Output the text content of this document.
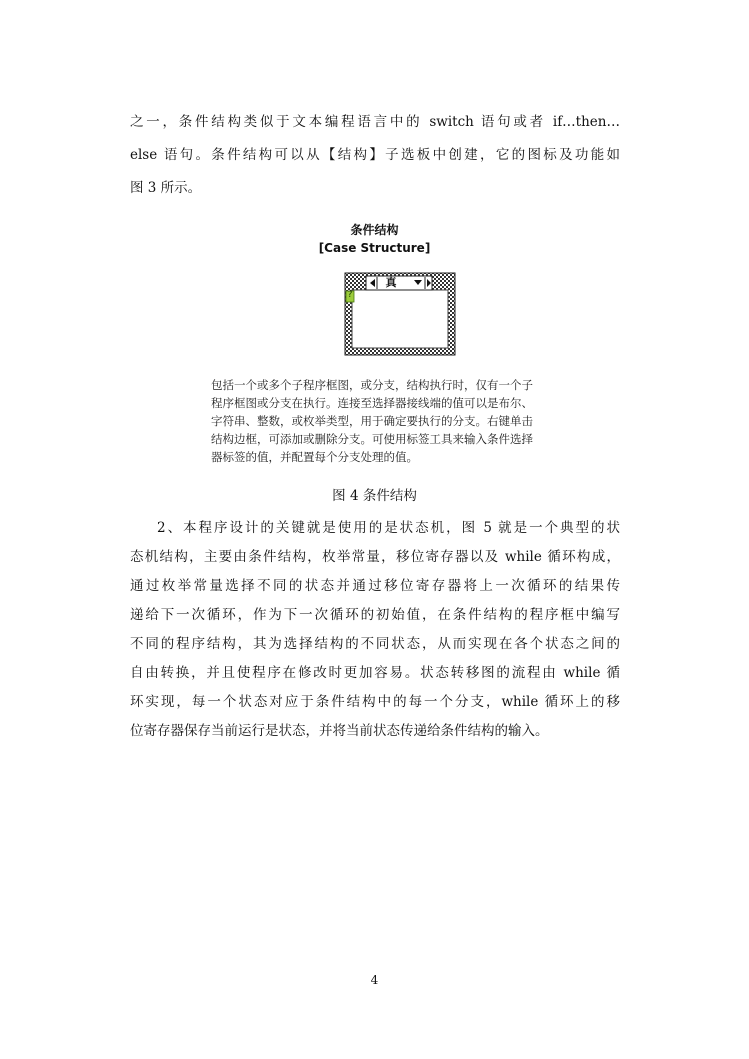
之一，条件结构类似于文本编程语言中的 switch 语句或者 if…then…
else 语句。条件结构可以从【结构】子选板中创建，它的图标及功能如
图 3 所示。
条件结构
[Case Structure]
真
?
包括一个或多个子程序框图，或分支，结构执行时，仅有一个子
程序框图或分支在执行。连接至选择器接线端的值可以是布尔、
字符串、整数，或枚举类型，用于确定要执行的分支。右键单击
结构边框，可添加或删除分支。可使用标签工具来输入条件选择
器标签的值，并配置每个分支处理的值。
图 4 条件结构
2、本程序设计的关键就是使用的是状态机，图 5 就是一个典型的状
态机结构，主要由条件结构，枚举常量，移位寄存器以及 while 循环构成，
通过枚举常量选择不同的状态并通过移位寄存器将上一次循环的结果传
递给下一次循环，作为下一次循环的初始值，在条件结构的程序框中编写
不同的程序结构，其为选择结构的不同状态，从而实现在各个状态之间的
自由转换，并且使程序在修改时更加容易。状态转移图的流程由 while 循
环实现，每一个状态对应于条件结构中的每一个分支，while 循环上的移
位寄存器保存当前运行是状态，并将当前状态传递给条件结构的输入。
4
